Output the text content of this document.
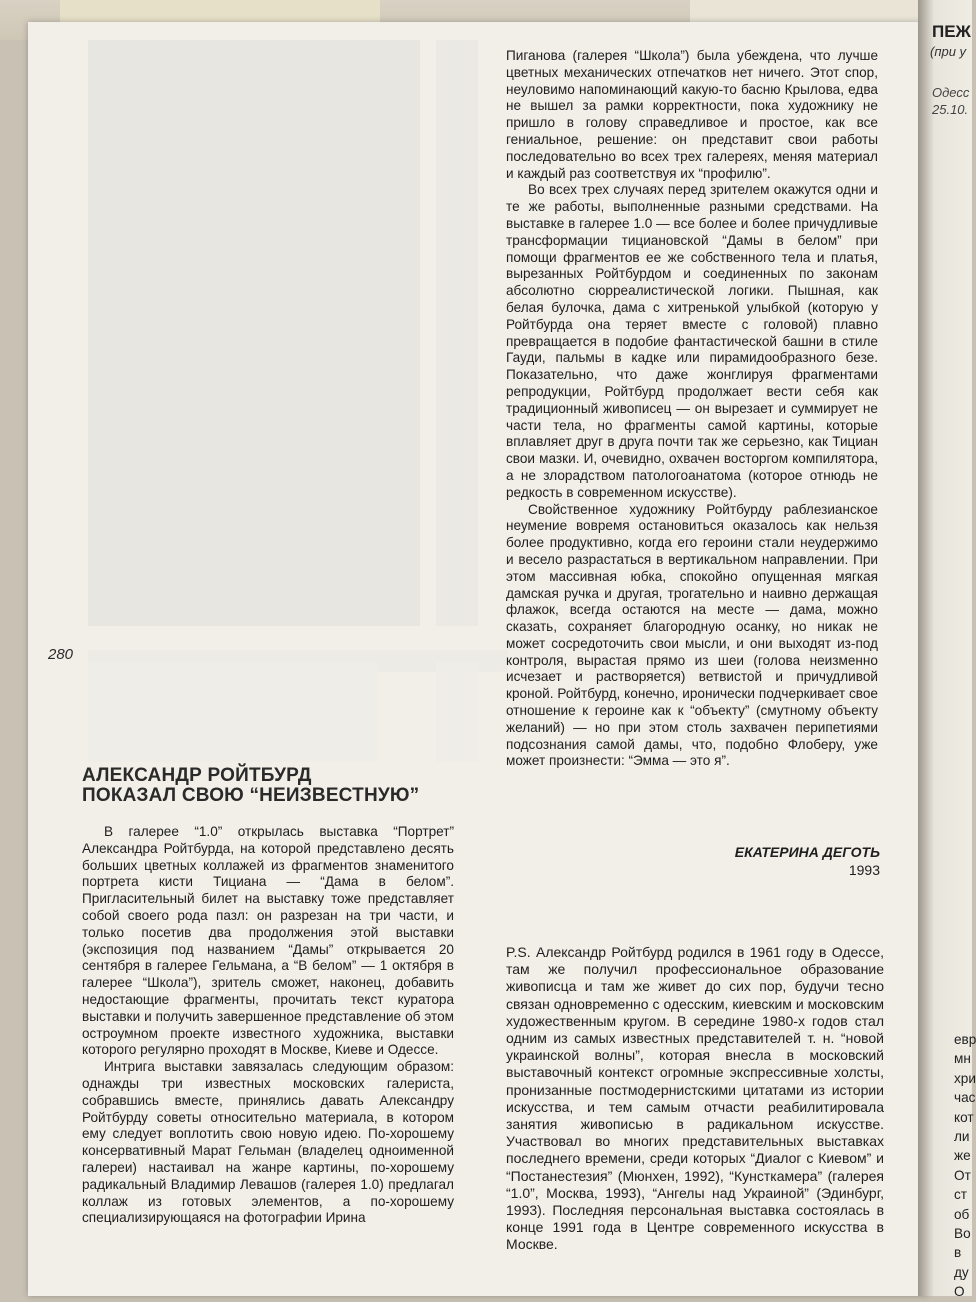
280
АЛЕКСАНДР РОЙТБУРД
ПОКАЗАЛ СВОЮ “НЕИЗВЕСТНУЮ”

В галерее “1.0” открылась выставка “Портрет” Александра Ройтбурда, на которой представлено десять больших цветных коллажей из фрагментов знаменитого портрета кисти Тициана — “Дама в белом”. Пригласительный билет на выставку тоже представляет собой своего рода пазл: он разрезан на три части, и только посетив два продолжения этой выставки (экспозиция под названием “Дамы” открывается 20 сентября в галерее Гельмана, а “В белом” — 1 октября в галерее “Школа”), зритель сможет, наконец, добавить недостающие фрагменты, прочитать текст куратора выставки и получить завершенное представление об этом остроумном проекте известного художника, выставки которого регулярно проходят в Москве, Киеве и Одессе.

Интрига выставки завязалась следующим образом: однажды три известных московских галериста, собравшись вместе, принялись давать Александру Ройтбурду советы относительно материала, в котором ему следует воплотить свою новую идею. По-хорошему консервативный Марат Гельман (владелец одноименной галереи) настаивал на жанре картины, по-хорошему радикальный Владимир Левашов (галерея 1.0) предлагал коллаж из готовых элементов, а по-хорошему специализирующаяся на фотографии Ирина

Пиганова (галерея “Школа”) была убеждена, что лучше цветных механических отпечатков нет ничего. Этот спор, неуловимо напоминающий какую-то басню Крылова, едва не вышел за рамки корректности, пока художнику не пришло в голову справедливое и простое, как все гениальное, решение: он представит свои работы последовательно во всех трех галереях, меняя материал и каждый раз соответствуя их “профилю”.

Во всех трех случаях перед зрителем окажутся одни и те же работы, выполненные разными средствами. На выставке в галерее 1.0 — все более и более причудливые трансформации тициановской “Дамы в белом” при помощи фрагментов ее же собственного тела и платья, вырезанных Ройтбурдом и соединенных по законам абсолютно сюрреалистической логики. Пышная, как белая булочка, дама с хитренькой улыбкой (которую у Ройтбурда она теряет вместе с головой) плавно превращается в подобие фантастической башни в стиле Гауди, пальмы в кадке или пирамидообразного безе. Показательно, что даже жонглируя фрагментами репродукции, Ройтбурд продолжает вести себя как традиционный живописец — он вырезает и суммирует не части тела, но фрагменты самой картины, которые вплавляет друг в друга почти так же серьезно, как Тициан свои мазки. И, очевидно, охвачен восторгом компилятора, а не злорадством патологоанатома (которое отнюдь не редкость в современном искусстве).

Свойственное художнику Ройтбурду раблезианское неумение вовремя остановиться оказалось как нельзя более продуктивно, когда его героини стали неудержимо и весело разрастаться в вертикальном направлении. При этом массивная юбка, спокойно опущенная мягкая дамская ручка и другая, трогательно и наивно держащая флажок, всегда остаются на месте — дама, можно сказать, сохраняет благородную осанку, но никак не может сосредоточить свои мысли, и они выходят из-под контроля, вырастая прямо из шеи (голова неизменно исчезает и растворяется) ветвистой и причудливой кроной. Ройтбурд, конечно, иронически подчеркивает свое отношение к героине как к “объекту” (смутному объекту желаний) — но при этом столь захвачен перипетиями подсознания самой дамы, что, подобно Флоберу, уже может произнести: “Эмма — это я”.

ЕКАТЕРИНА ДЕГОТЬ
1993

P.S. Александр Ройтбурд родился в 1961 году в Одессе, там же получил профессиональное образование живописца и там же живет до сих пор, будучи тесно связан одновременно с одесским, киевским и московским художественным кругом. В середине 1980-х годов стал одним из самых известных представителей т. н. “новой украинской волны”, которая внесла в московский выставочный контекст огромные экспрессивные холсты, пронизанные постмодернистскими цитатами из истории искусства, и тем самым отчасти реабилитировала занятия живописью в радикальном искусстве. Участвовал во многих представительных выставках последнего времени, среди которых “Диалог с Киевом” и “Постанестезия” (Мюнхен, 1992), “Кунсткамера” (галерея “1.0”, Москва, 1993), “Ангелы над Украиной” (Эдинбург, 1993). Последняя персональная выставка состоялась в конце 1991 года в Центре современного искусства в Москве.

ПЕЖ
(при у
Одесс
25.10.
евр
мн
хри
час
кот
ли
же
От
ст
об
Во
в
ду
О
